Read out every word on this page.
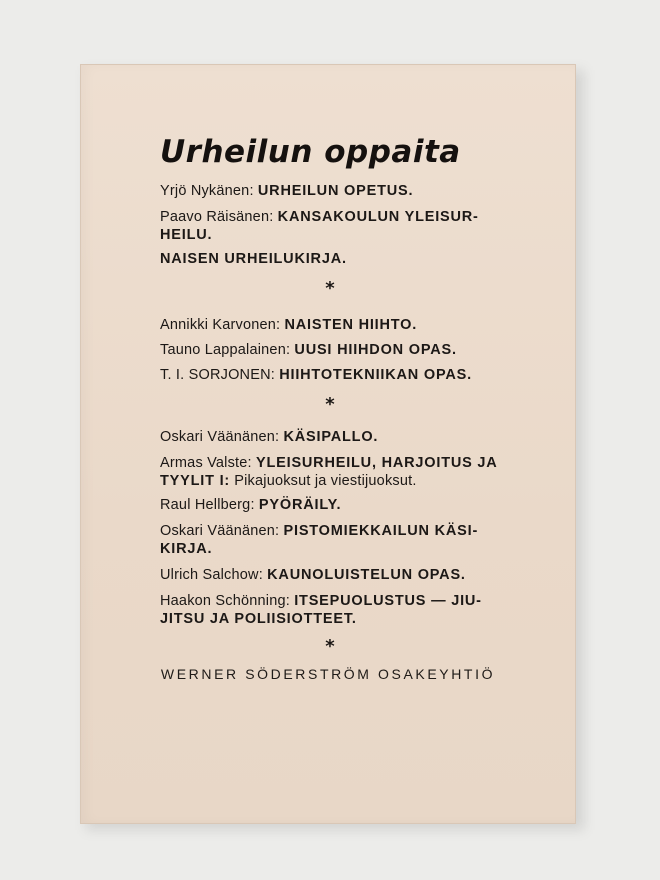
Urheilun oppaita
Yrjö Nykänen: URHEILUN OPETUS.
Paavo Räisänen: KANSAKOULUN YLEISUR-
HEILU.
NAISEN URHEILUKIRJA.
*
Annikki Karvonen: NAISTEN HIIHTO.
Tauno Lappalainen: UUSI HIIHDON OPAS.
T. I. SORJONEN: HIIHTOTEKNIIKAN OPAS.
*
Oskari Väänänen: KÄSIPALLO.
Armas Valste: YLEISURHEILU, HARJOITUS JA
TYYLIT I: Pikajuoksut ja viestijuoksut.
Raul Hellberg: PYÖRÄILY.
Oskari Väänänen: PISTOMIEKKAILUN KÄSI-
KIRJA.
Ulrich Salchow: KAUNOLUISTELUN OPAS.
Haakon Schönning: ITSEPUOLUSTUS — JIU-
JITSU JA POLIISIOTTEET.
*
WERNER SÖDERSTRÖM OSAKEYHTIÖ
